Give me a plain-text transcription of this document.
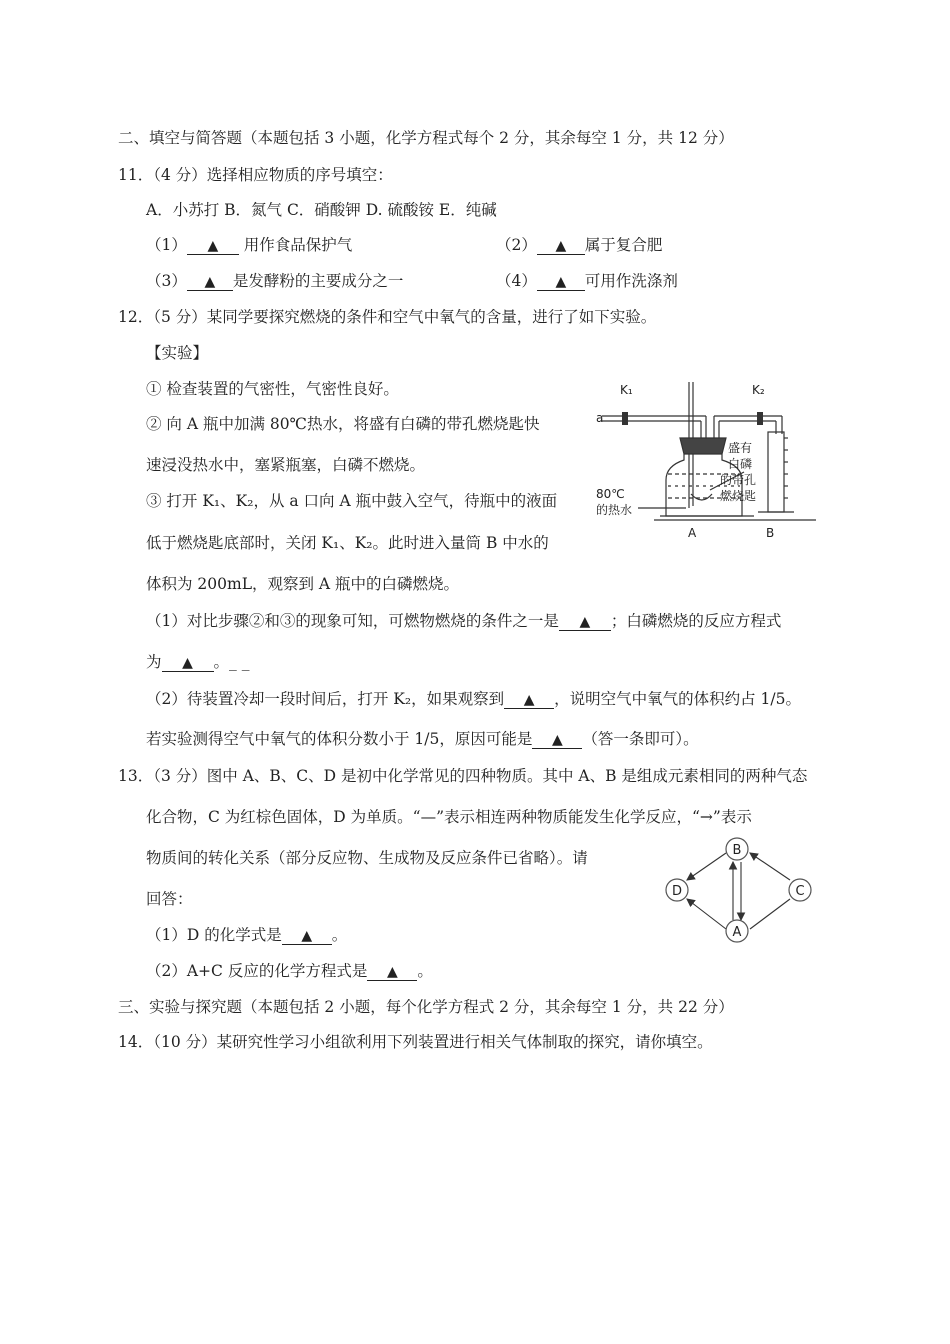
二、填空与简答题（本题包括 3 小题，化学方程式每个 2 分，其余每空 1 分，共 12 分）
11．（4 分）选择相应物质的序号填空：
A．小苏打 B．氮气 C．硝酸钾 D. 硫酸铵 E．纯碱
（1） ▲ 用作食品保护气	（2） ▲ 属于复合肥
（3） ▲ 是发酵粉的主要成分之一	（4） ▲ 可用作洗涤剂
12．（5 分）某同学要探究燃烧的条件和空气中氧气的含量，进行了如下实验。
【实验】
① 检查装置的气密性，气密性良好。
② 向 A 瓶中加满 80℃热水，将盛有白磷的带孔燃烧匙快
速浸没热水中，塞紧瓶塞，白磷不燃烧。
③ 打开 K₁、K₂，从 a 口向 A 瓶中鼓入空气，待瓶中的液面
低于燃烧匙底部时，关闭 K₁、K₂。此时进入量筒 B 中水的
体积为 200mL，观察到 A 瓶中的白磷燃烧。
K₁	K₂
a
80℃
的热水
盛有
白磷
的带孔
燃烧匙
A	B
（1）对比步骤②和③的现象可知，可燃物燃烧的条件之一是 ▲ ；白磷燃烧的反应方程式
为 ▲ 。_ _
（2）待装置冷却一段时间后，打开 K₂，如果观察到 ▲ ，说明空气中氧气的体积约占 1/5。
若实验测得空气中氧气的体积分数小于 1/5，原因可能是 ▲ （答一条即可）。
13．（3 分）图中 A、B、C、D 是初中化学常见的四种物质。其中 A、B 是组成元素相同的两种气态
化合物，C 为红棕色固体，D 为单质。“—”表示相连两种物质能发生化学反应，“→”表示
物质间的转化关系（部分反应物、生成物及反应条件已省略）。请
回答：
B
D	C
A
（1）D 的化学式是 ▲ 。
（2）A+C 反应的化学方程式是 ▲ 。
三、实验与探究题（本题包括 2 小题，每个化学方程式 2 分，其余每空 1 分，共 22 分）
14．（10 分）某研究性学习小组欲利用下列装置进行相关气体制取的探究，请你填空。
